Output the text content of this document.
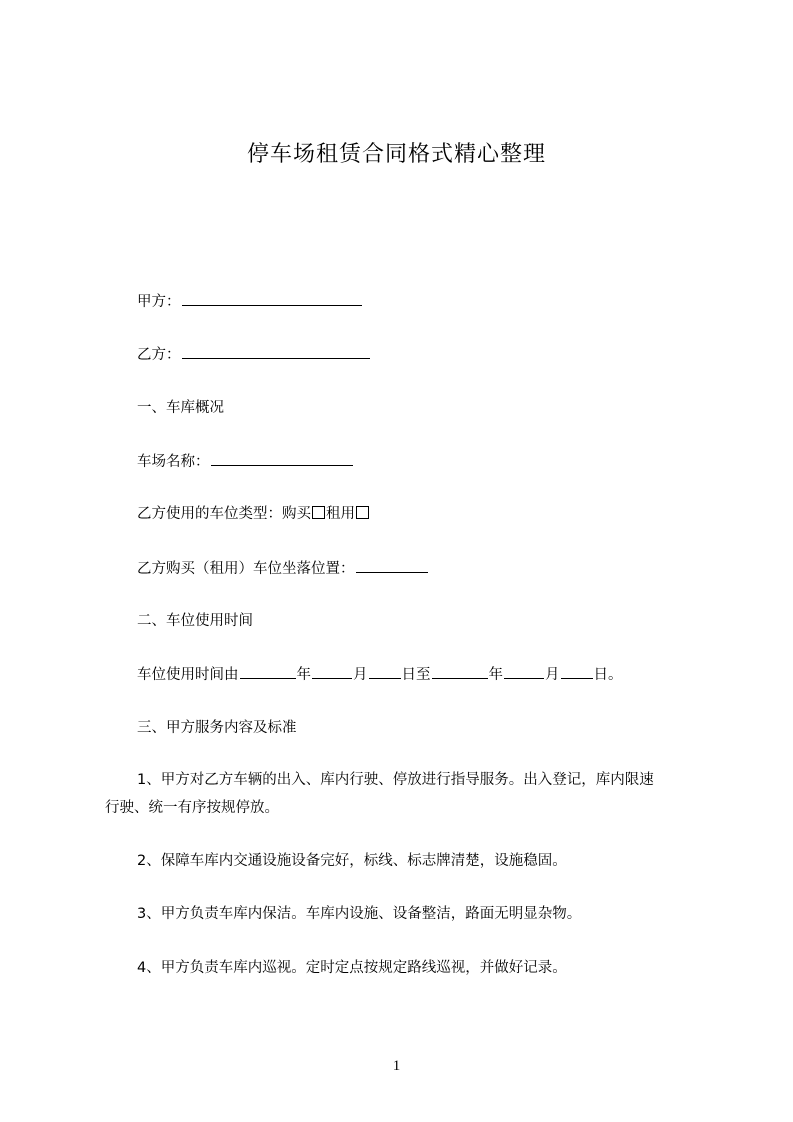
停车场租赁合同格式精心整理
甲方：
乙方：
一、车库概况
车场名称：
乙方使用的车位类型：购买 租用
乙方购买（租用）车位坐落位置：
二、车位使用时间
车位使用时间由	年	月 日至	年	月 日。
三、甲方服务内容及标准
1、甲方对乙方车辆的出入、库内行驶、停放进行指导服务。出入登记，库内限速
行驶、统一有序按规停放。
2、保障车库内交通设施设备完好，标线、标志牌清楚，设施稳固。
3、甲方负责车库内保洁。车库内设施、设备整洁，路面无明显杂物。
4、甲方负责车库内巡视。定时定点按规定路线巡视，并做好记录。
1
